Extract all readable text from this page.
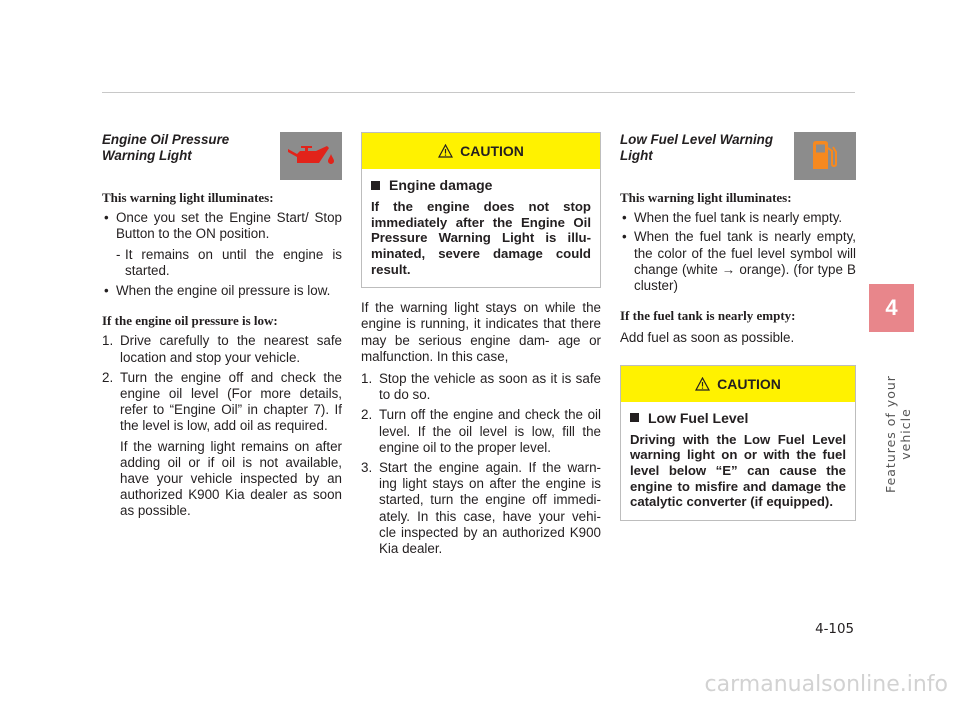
Engine Oil Pressure Warning Light
This warning light illuminates:
• Once you set the Engine Start/ Stop Button to the ON position.
- It remains on until the engine is started.
• When the engine oil pressure is low.
If the engine oil pressure is low:
1. Drive carefully to the nearest safe location and stop your vehicle.
2. Turn the engine off and check the engine oil level (For more details, refer to “Engine Oil” in chapter 7). If the level is low, add oil as required.
If the warning light remains on after adding oil or if oil is not available, have your vehicle inspected by an authorized K900 Kia dealer as soon as possible.
CAUTION
Engine damage
If the engine does not stop immediately after the Engine Oil Pressure Warning Light is illu- minated, severe damage could result.
If the warning light stays on while the engine is running, it indicates that there may be serious engine dam- age or malfunction. In this case,
1. Stop the vehicle as soon as it is safe to do so.
2. Turn off the engine and check the oil level. If the oil level is low, fill the engine oil to the proper level.
3. Start the engine again. If the warn- ing light stays on after the engine is started, turn the engine off immedi- ately. In this case, have your vehi- cle inspected by an authorized K900 Kia dealer.
Low Fuel Level Warning Light
This warning light illuminates:
• When the fuel tank is nearly empty.
• When the fuel tank is nearly empty, the color of the fuel level symbol will change (white → orange). (for type B cluster)
If the fuel tank is nearly empty:
Add fuel as soon as possible.
CAUTION
Low Fuel Level
Driving with the Low Fuel Level warning light on or with the fuel level below “E” can cause the engine to misfire and damage the catalytic converter (if equipped).
4
Features of your vehicle
4-105
carmanualsonline.info
